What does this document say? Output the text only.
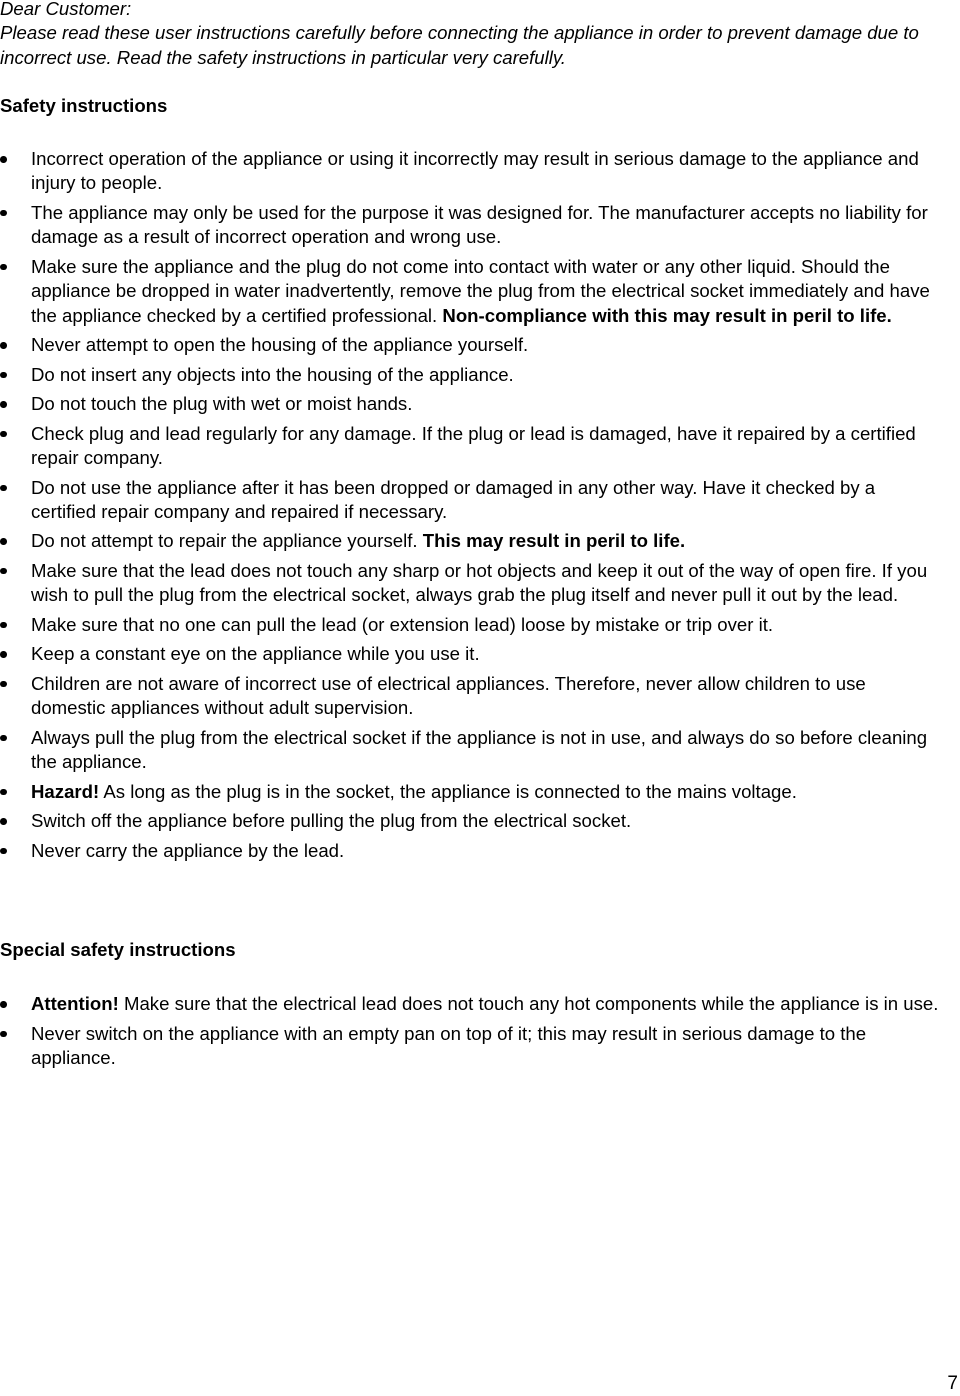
Dear Customer:

Please read these user instructions carefully before connecting the appliance in order to prevent damage due to incorrect use. Read the safety instructions in particular very carefully.

Safety instructions
Incorrect operation of the appliance or using it incorrectly may result in serious damage to the appliance and injury to people.
The appliance may only be used for the purpose it was designed for. The manufacturer accepts no liability for damage as a result of incorrect operation and wrong use.
Make sure the appliance and the plug do not come into contact with water or any other liquid. Should the appliance be dropped in water inadvertently, remove the plug from the electrical socket immediately and have the appliance checked by a certified professional. Non-compliance with this may result in peril to life.
Never attempt to open the housing of the appliance yourself.
Do not insert any objects into the housing of the appliance.
Do not touch the plug with wet or moist hands.
Check plug and lead regularly for any damage. If the plug or lead is damaged, have it repaired by a certified repair company.
Do not use the appliance after it has been dropped or damaged in any other way. Have it checked by a certified repair company and repaired if necessary.
Do not attempt to repair the appliance yourself. This may result in peril to life.
Make sure that the lead does not touch any sharp or hot objects and keep it out of the way of open fire. If you wish to pull the plug from the electrical socket, always grab the plug itself and never pull it out by the lead.
Make sure that no one can pull the lead (or extension lead) loose by mistake or trip over it.
Keep a constant eye on the appliance while you use it.
Children are not aware of incorrect use of electrical appliances. Therefore, never allow children to use domestic appliances without adult supervision.
Always pull the plug from the electrical socket if the appliance is not in use, and always do so before cleaning the appliance.
Hazard! As long as the plug is in the socket, the appliance is connected to the mains voltage.
Switch off the appliance before pulling the plug from the electrical socket.
Never carry the appliance by the lead.
Special safety instructions
Attention! Make sure that the electrical lead does not touch any hot components while the appliance is in use.
Never switch on the appliance with an empty pan on top of it; this may result in serious damage to the appliance.
7
